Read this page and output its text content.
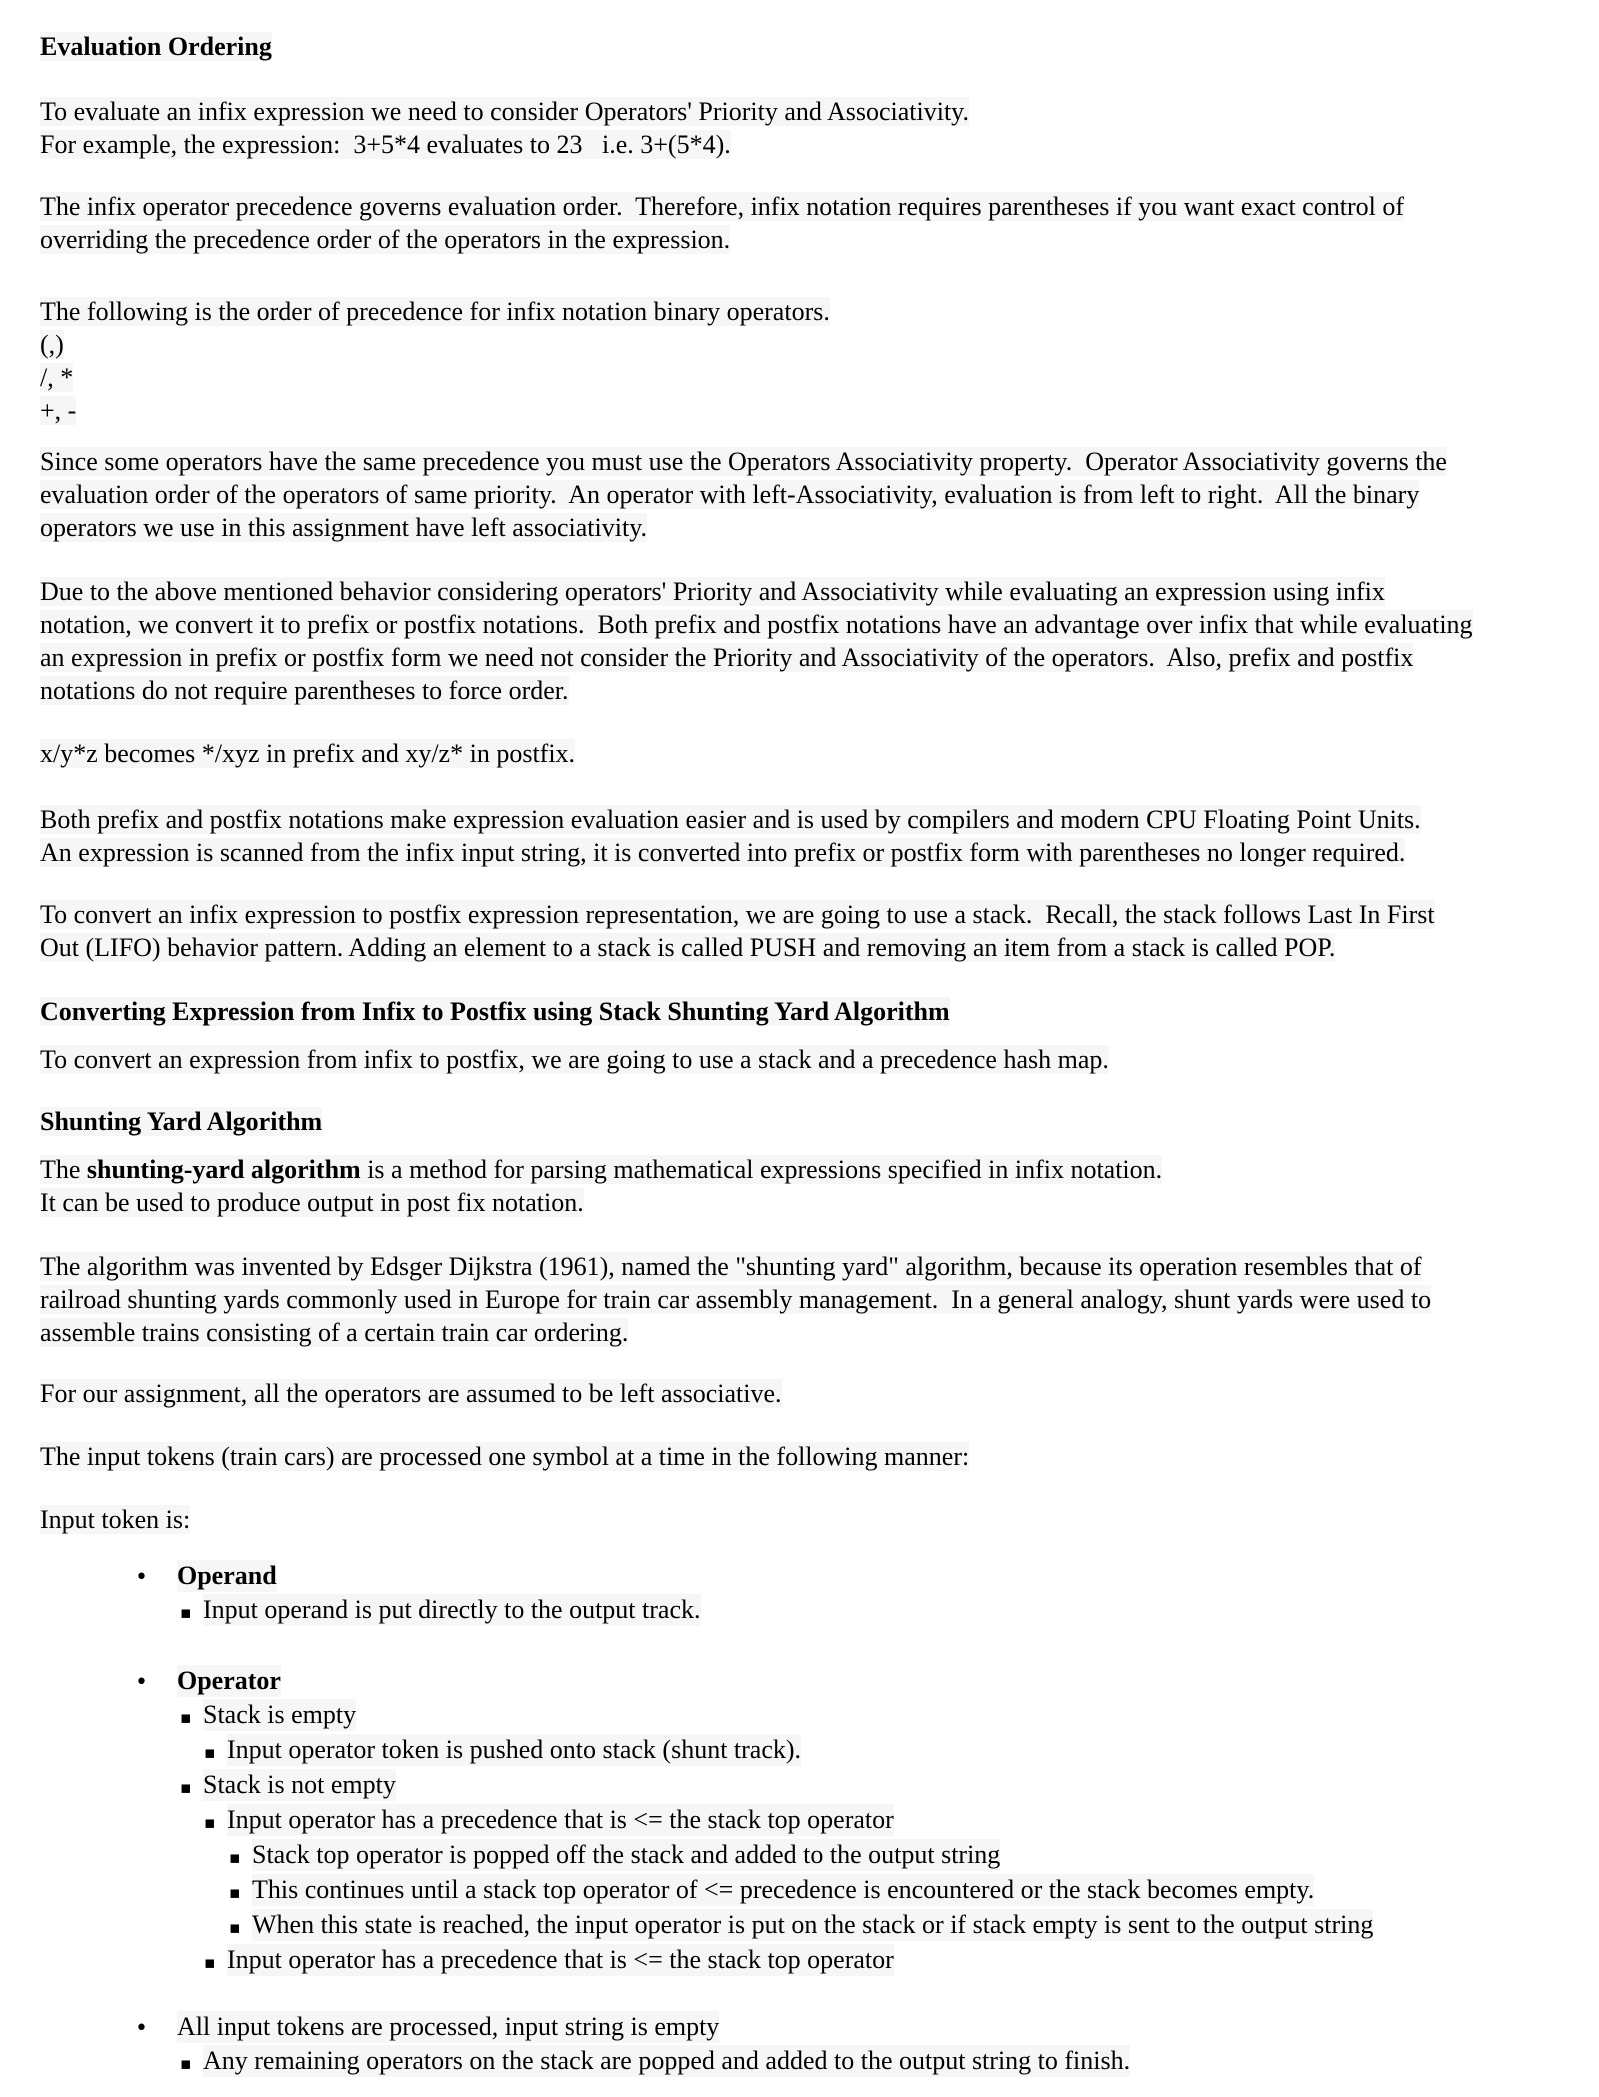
Evaluation Ordering
To evaluate an infix expression we need to consider Operators' Priority and Associativity.
For example, the expression:  3+5*4 evaluates to 23   i.e. 3+(5*4).
The infix operator precedence governs evaluation order.  Therefore, infix notation requires parentheses if you want exact control of
overriding the precedence order of the operators in the expression.
The following is the order of precedence for infix notation binary operators.
(,)
/, *
+, -
Since some operators have the same precedence you must use the Operators Associativity property.  Operator Associativity governs the
evaluation order of the operators of same priority.  An operator with left-Associativity, evaluation is from left to right.  All the binary
operators we use in this assignment have left associativity.
Due to the above mentioned behavior considering operators' Priority and Associativity while evaluating an expression using infix
notation, we convert it to prefix or postfix notations.  Both prefix and postfix notations have an advantage over infix that while evaluating
an expression in prefix or postfix form we need not consider the Priority and Associativity of the operators.  Also, prefix and postfix
notations do not require parentheses to force order.
x/y*z becomes */xyz in prefix and xy/z* in postfix.
Both prefix and postfix notations make expression evaluation easier and is used by compilers and modern CPU Floating Point Units.
An expression is scanned from the infix input string, it is converted into prefix or postfix form with parentheses no longer required.
To convert an infix expression to postfix expression representation, we are going to use a stack.  Recall, the stack follows Last In First
Out (LIFO) behavior pattern. Adding an element to a stack is called PUSH and removing an item from a stack is called POP.
Converting Expression from Infix to Postfix using Stack Shunting Yard Algorithm
To convert an expression from infix to postfix, we are going to use a stack and a precedence hash map.
Shunting Yard Algorithm
The shunting-yard algorithm is a method for parsing mathematical expressions specified in infix notation.
It can be used to produce output in post fix notation.
The algorithm was invented by Edsger Dijkstra (1961), named the "shunting yard" algorithm, because its operation resembles that of
railroad shunting yards commonly used in Europe for train car assembly management.  In a general analogy, shunt yards were used to
assemble trains consisting of a certain train car ordering.
For our assignment, all the operators are assumed to be left associative.
The input tokens (train cars) are processed one symbol at a time in the following manner:
Input token is:
•	Operand
▪ Input operand is put directly to the output track.
•	Operator
▪ Stack is empty
▪ Input operator token is pushed onto stack (shunt track).
▪ Stack is not empty
▪ Input operator has a precedence that is <= the stack top operator
▪ Stack top operator is popped off the stack and added to the output string
▪ This continues until a stack top operator of <= precedence is encountered or the stack becomes empty.
▪ When this state is reached, the input operator is put on the stack or if stack empty is sent to the output string
▪ Input operator has a precedence that is <= the stack top operator
•	All input tokens are processed, input string is empty
▪ Any remaining operators on the stack are popped and added to the output string to finish.
